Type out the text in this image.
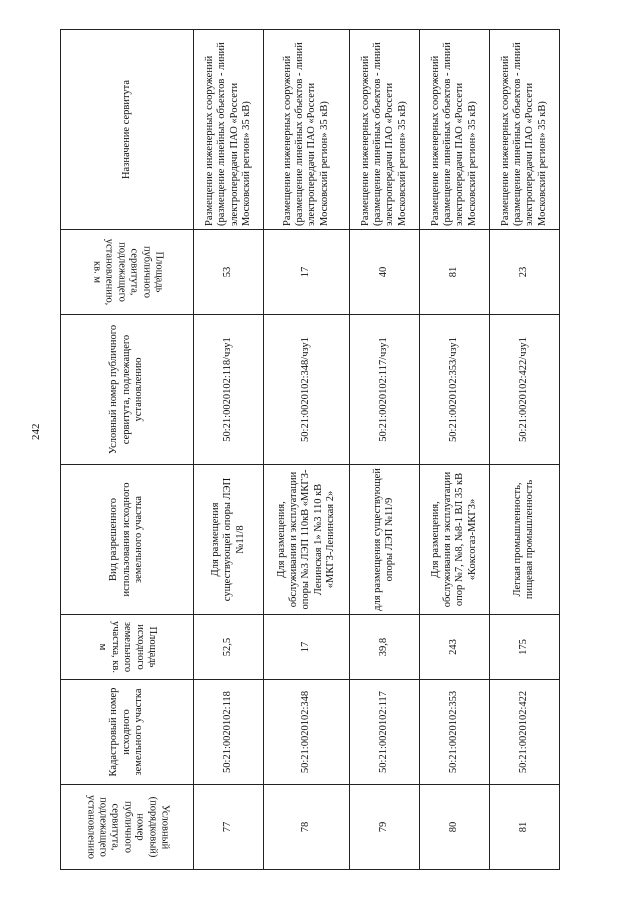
242
Условный (порядковый) номер публичного сервитута, подлежащего установлению	Кадастровый номер исходного земельного участка	Площадь исходного земельного участка, кв. м	Вид разрешенного использования исходного земельного участка	Условный номер публичного сервитута, подлежащего установлению	Площадь публичного сервитута, подлежащего установлению, кв. м	Назначение сервитута
77	50:21:0020102:118	52,5	Для размещения существующей опоры ЛЭП №11/8	50:21:0020102:118/чзу1	53	Размещение инженерных сооружений (размещение линейных объектов - линий электропередачи ПАО «Россети Московский регион» 35 кВ)
78	50:21:0020102:348	17	Для размещения, обслуживания и эксплуатации опоры №3 ЛЭП 110кВ «МКГЗ-Ленинская 1» №3 110 кВ «МКГЗ-Ленинская 2»	50:21:0020102:348/чзу1	17	Размещение инженерных сооружений (размещение линейных объектов - линий электропередачи ПАО «Россети Московский регион» 35 кВ)
79	50:21:0020102:117	39,8	для размещения существующей опоры ЛЭП №11/9	50:21:0020102:117/чзу1	40	Размещение инженерных сооружений (размещение линейных объектов - линий электропередачи ПАО «Россети Московский регион» 35 кВ)
80	50:21:0020102:353	243	Для размещения, обслуживания и эксплуатации опор №7, №8, №8-1 ВЛ 35 кВ «Коксогаз-МКГЗ»	50:21:0020102:353/чзу1	81	Размещение инженерных сооружений (размещение линейных объектов - линий электропередачи ПАО «Россети Московский регион» 35 кВ)
81	50:21:0020102:422	175	Легкая промышленность, пищевая промышленность	50:21:0020102:422/чзу1	23	Размещение инженерных сооружений (размещение линейных объектов - линий электропередачи ПАО «Россети Московский регион» 35 кВ)
